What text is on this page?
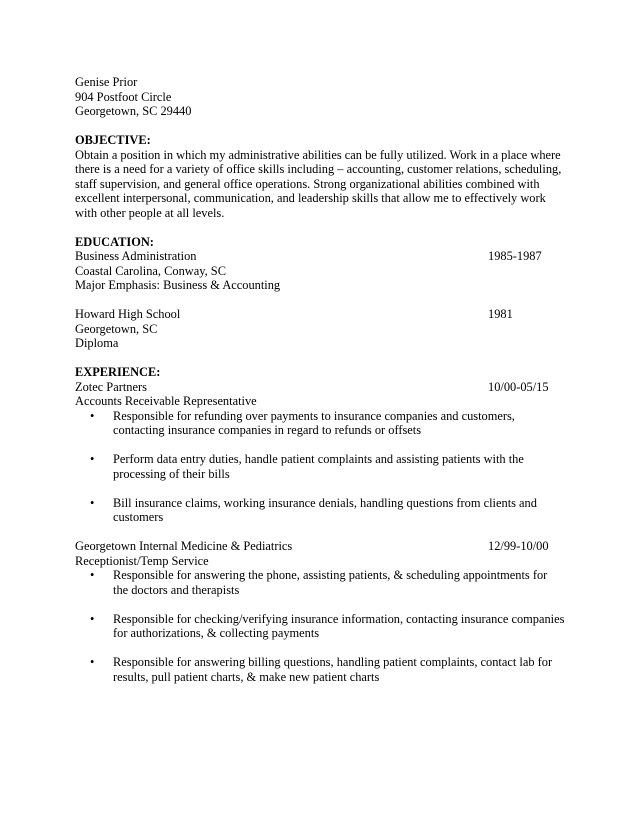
Genise Prior
904 Postfoot Circle
Georgetown, SC 29440
OBJECTIVE:
Obtain a position in which my administrative abilities can be fully utilized. Work in a place where there is a need for a variety of office skills including – accounting, customer relations, scheduling, staff supervision, and general office operations. Strong organizational abilities combined with excellent interpersonal, communication, and leadership skills that allow me to effectively work with other people at all levels.
EDUCATION:
Business Administration	1985-1987
Coastal Carolina, Conway, SC
Major Emphasis: Business & Accounting
Howard High School	1981
Georgetown, SC
Diploma
EXPERIENCE:
Zotec Partners	10/00-05/15
Accounts Receivable Representative
• Responsible for refunding over payments to insurance companies and customers, contacting insurance companies in regard to refunds or offsets
• Perform data entry duties, handle patient complaints and assisting patients with the processing of their bills
• Bill insurance claims, working insurance denials, handling questions from clients and customers
Georgetown Internal Medicine & Pediatrics	12/99-10/00
Receptionist/Temp Service
• Responsible for answering the phone, assisting patients, & scheduling appointments for the doctors and therapists
• Responsible for checking/verifying insurance information, contacting insurance companies for authorizations, & collecting payments
• Responsible for answering billing questions, handling patient complaints, contact lab for results, pull patient charts, & make new patient charts
